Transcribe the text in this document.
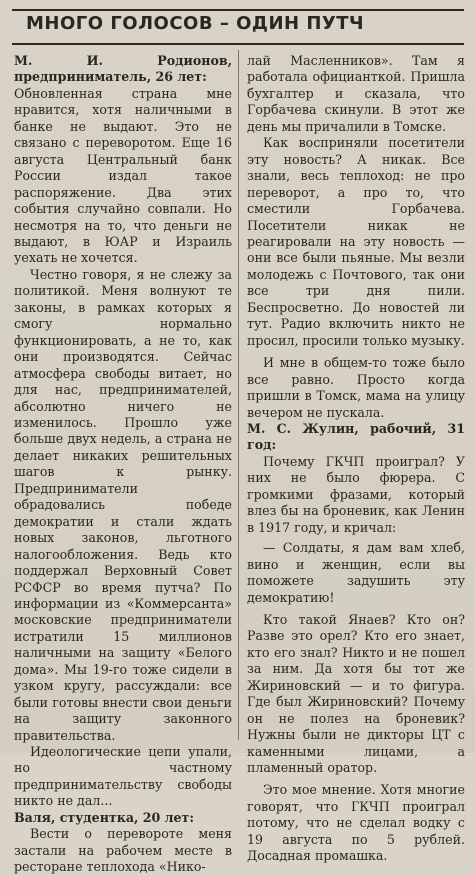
МНОГО ГОЛОСОВ – ОДИН ПУТЧ

М. И. Родионов, предприниматель, 26 лет:
Обновленная страна мне нравится, хотя наличными в банке не выдают. Это не связано с переворотом. Еще 16 августа Центральный банк России издал такое распоряжение. Два этих события случайно совпали. Но несмотря на то, что деньги не выдают, в ЮАР и Израиль уехать не хочется.

Честно говоря, я не слежу за политикой. Меня волнуют те законы, в рамках которых я смогу нормально функционировать, а не то, как они производятся. Сейчас атмосфера свободы витает, но для нас, предпринимателей, абсолютно ничего не изменилось. Прошло уже больше двух недель, а страна не делает никаких решительных шагов к рынку. Предприниматели обрадовались победе демократии и стали ждать новых законов, льготного налогообложения. Ведь кто поддержал Верховный Совет РСФСР во время путча? По информации из «Коммерсанта» московские предприниматели истратили 15 миллионов наличными на защиту «Белого дома». Мы 19-го тоже сидели в узком кругу, рассуждали: все были готовы внести свои деньги на защиту законного правительства.

Идеологические цепи упали, но частному предпринимательству свободы никто не дал...

Валя, студентка, 20 лет:

Вести о перевороте меня застали на рабочем месте в ресторане теплохода «Нико-

лай Масленников». Там я работала официанткой. Пришла бухгалтер и сказала, что Горбачева скинули. В этот же день мы причалили в Томске.

Как восприняли посетители эту новость? А никак. Все знали, весь теплоход: не про переворот, а про то, что сместили Горбачева. Посетители никак не реагировали на эту новость — они все были пьяные. Мы везли молодежь с Почтового, так они все три дня пили. Беспросветно. До новостей ли тут. Радио включить никто не просил, просили только музыку.

И мне в общем-то тоже было все равно. Просто когда пришли в Томск, мама на улицу вечером не пускала.

М. С. Жулин, рабочий, 31 год:

Почему ГКЧП проиграл? У них не было фюрера. С громкими фразами, который влез бы на броневик, как Ленин в 1917 году, и кричал:

— Солдаты, я дам вам хлеб, вино и женщин, если вы поможете задушить эту демократию!

Кто такой Янаев? Кто он? Разве это орел? Кто его знает, кто его знал? Никто и не пошел за ним. Да хотя бы тот же Жириновский — и то фигура. Где был Жириновский? Почему он не полез на броневик? Нужны были не дикторы ЦТ с каменными лицами, а пламенный оратор.

Это мое мнение. Хотя многие говорят, что ГКЧП проиграл потому, что не сделал водку с 19 августа по 5 рублей. Досадная промашка.
